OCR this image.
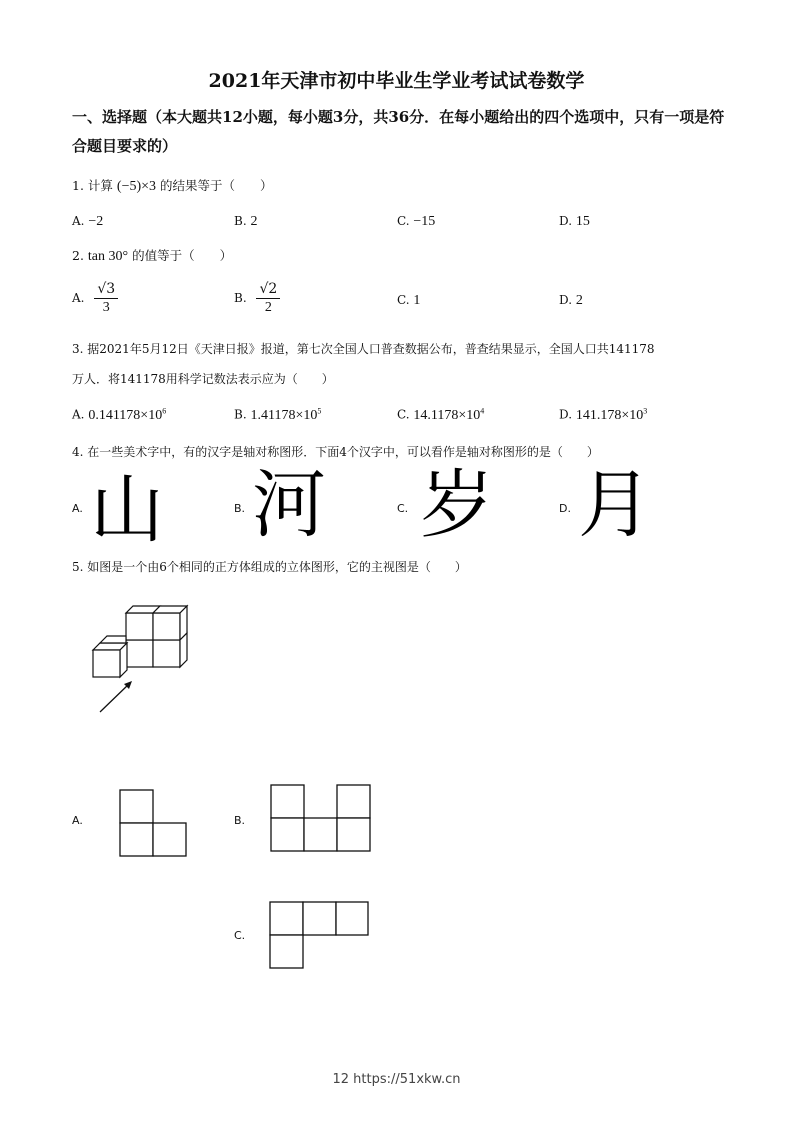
2021年天津市初中毕业生学业考试试卷数学
一、选择题（本大题共12小题，每小题3分，共36分．在每小题给出的四个选项中，只有一项是符合题目要求的）
1. 计算 (−5)×3 的结果等于（　　）
A. −2	B. 2	C. −15	D. 15
2. tan 30° 的值等于（　　）
A. $\frac{√3}{3}$	B. $\frac{√2}{2}$	C. 1	D. 2
3. 据2021年5月12日《天津日报》报道，第七次全国人口普查数据公布，普查结果显示，全国人口共141178
万人．将141178用科学记数法表示应为（　　）
A. $0.141178\times 10^6$	B. $1.41178\times 10^5$	C. $14.1178\times 10^4$	D. $141.178\times 10^3$
4. 在一些美术字中，有的汉字是轴对称图形．下面4个汉字中，可以看作是轴对称图形的是（　　）
A. 山	B. 河	C. 岁	D. 月
5. 如图是一个由6个相同的正方体组成的立体图形，它的主视图是（　　）
A.	B.
C.
12 https://51xkw.cn
